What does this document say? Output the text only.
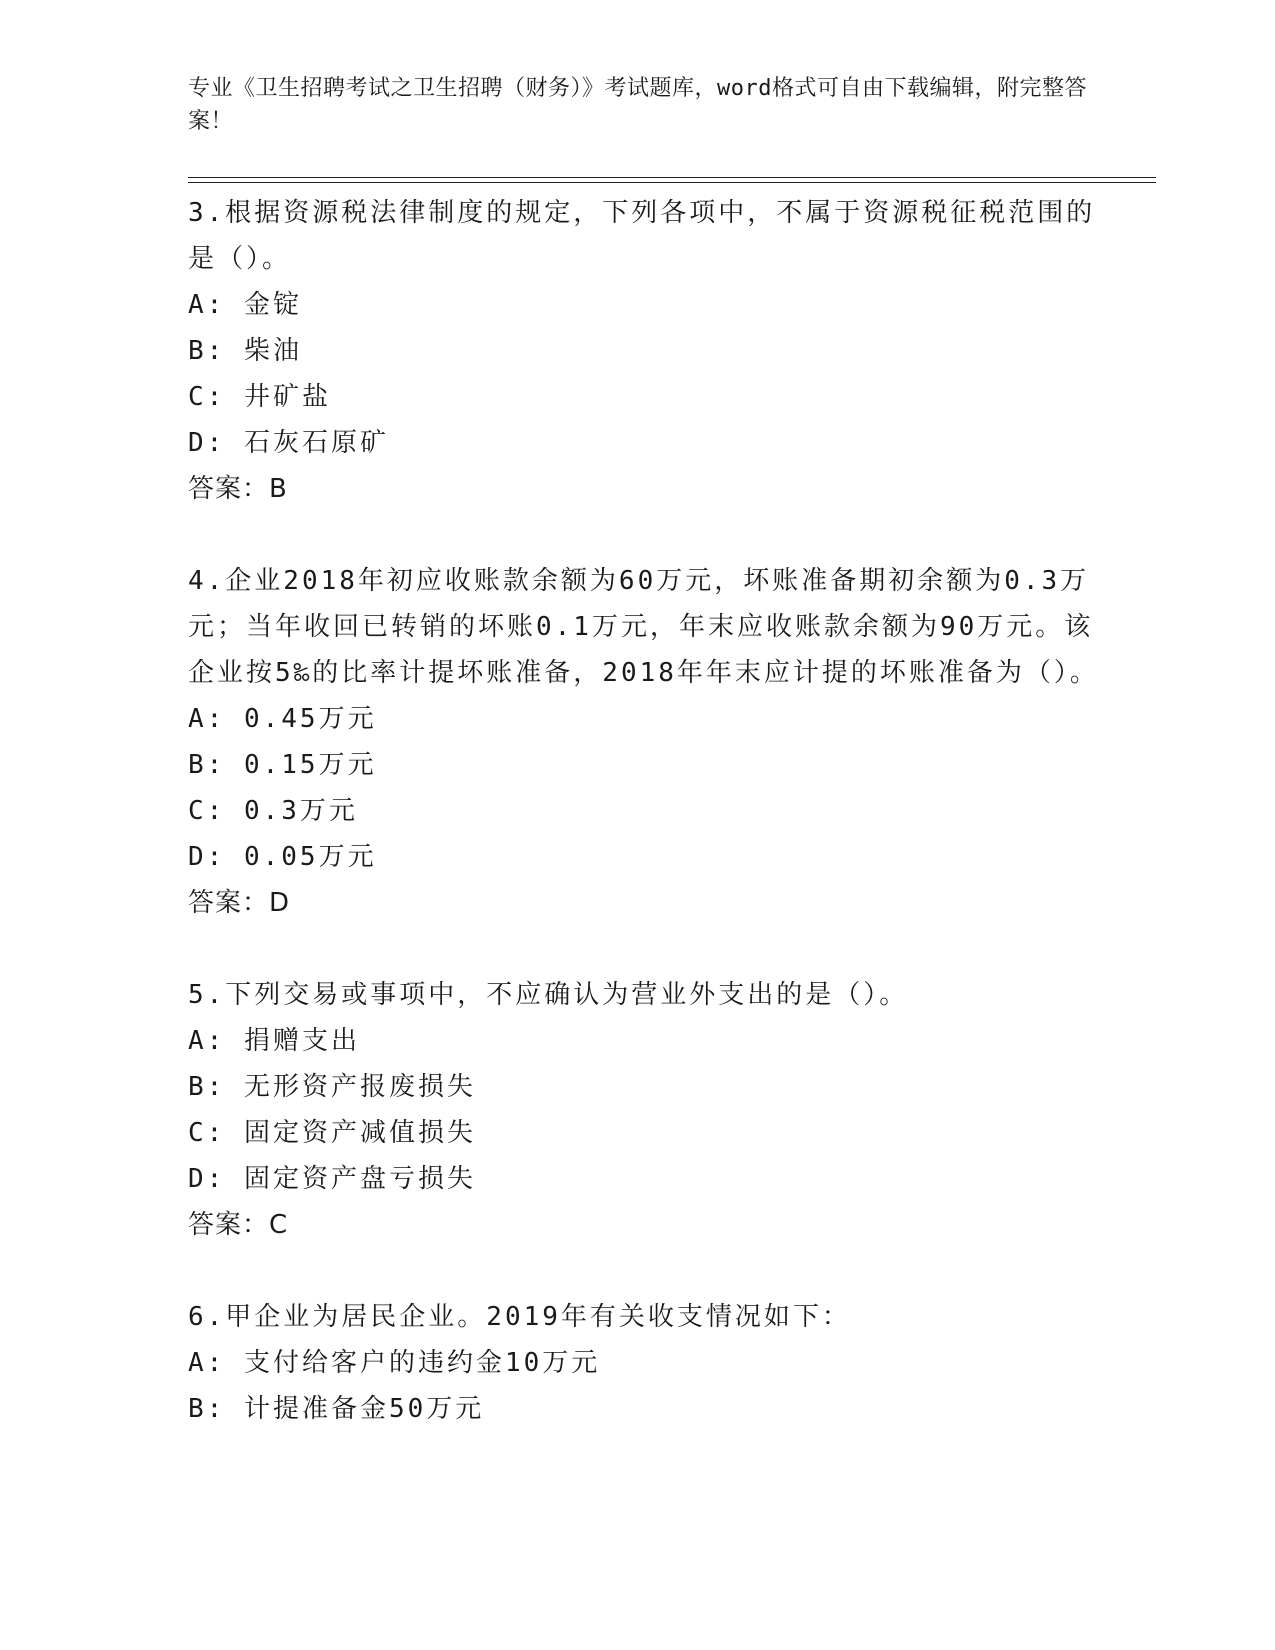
专业《卫生招聘考试之卫生招聘（财务）》考试题库，word格式可自由下载编辑，附完整答案！
3.根据资源税法律制度的规定，下列各项中，不属于资源税征税范围的是（）。
A: 金锭
B: 柴油
C: 井矿盐
D: 石灰石原矿
答案：B
4.企业2018年初应收账款余额为60万元，坏账准备期初余额为0.3万元；当年收回已转销的坏账0.1万元，年末应收账款余额为90万元。该企业按5‰的比率计提坏账准备，2018年年末应计提的坏账准备为（）。
A: 0.45万元
B: 0.15万元
C: 0.3万元
D: 0.05万元
答案：D
5.下列交易或事项中，不应确认为营业外支出的是（）。
A: 捐赠支出
B: 无形资产报废损失
C: 固定资产减值损失
D: 固定资产盘亏损失
答案：C
6.甲企业为居民企业。2019年有关收支情况如下：
A: 支付给客户的违约金10万元
B: 计提准备金50万元
